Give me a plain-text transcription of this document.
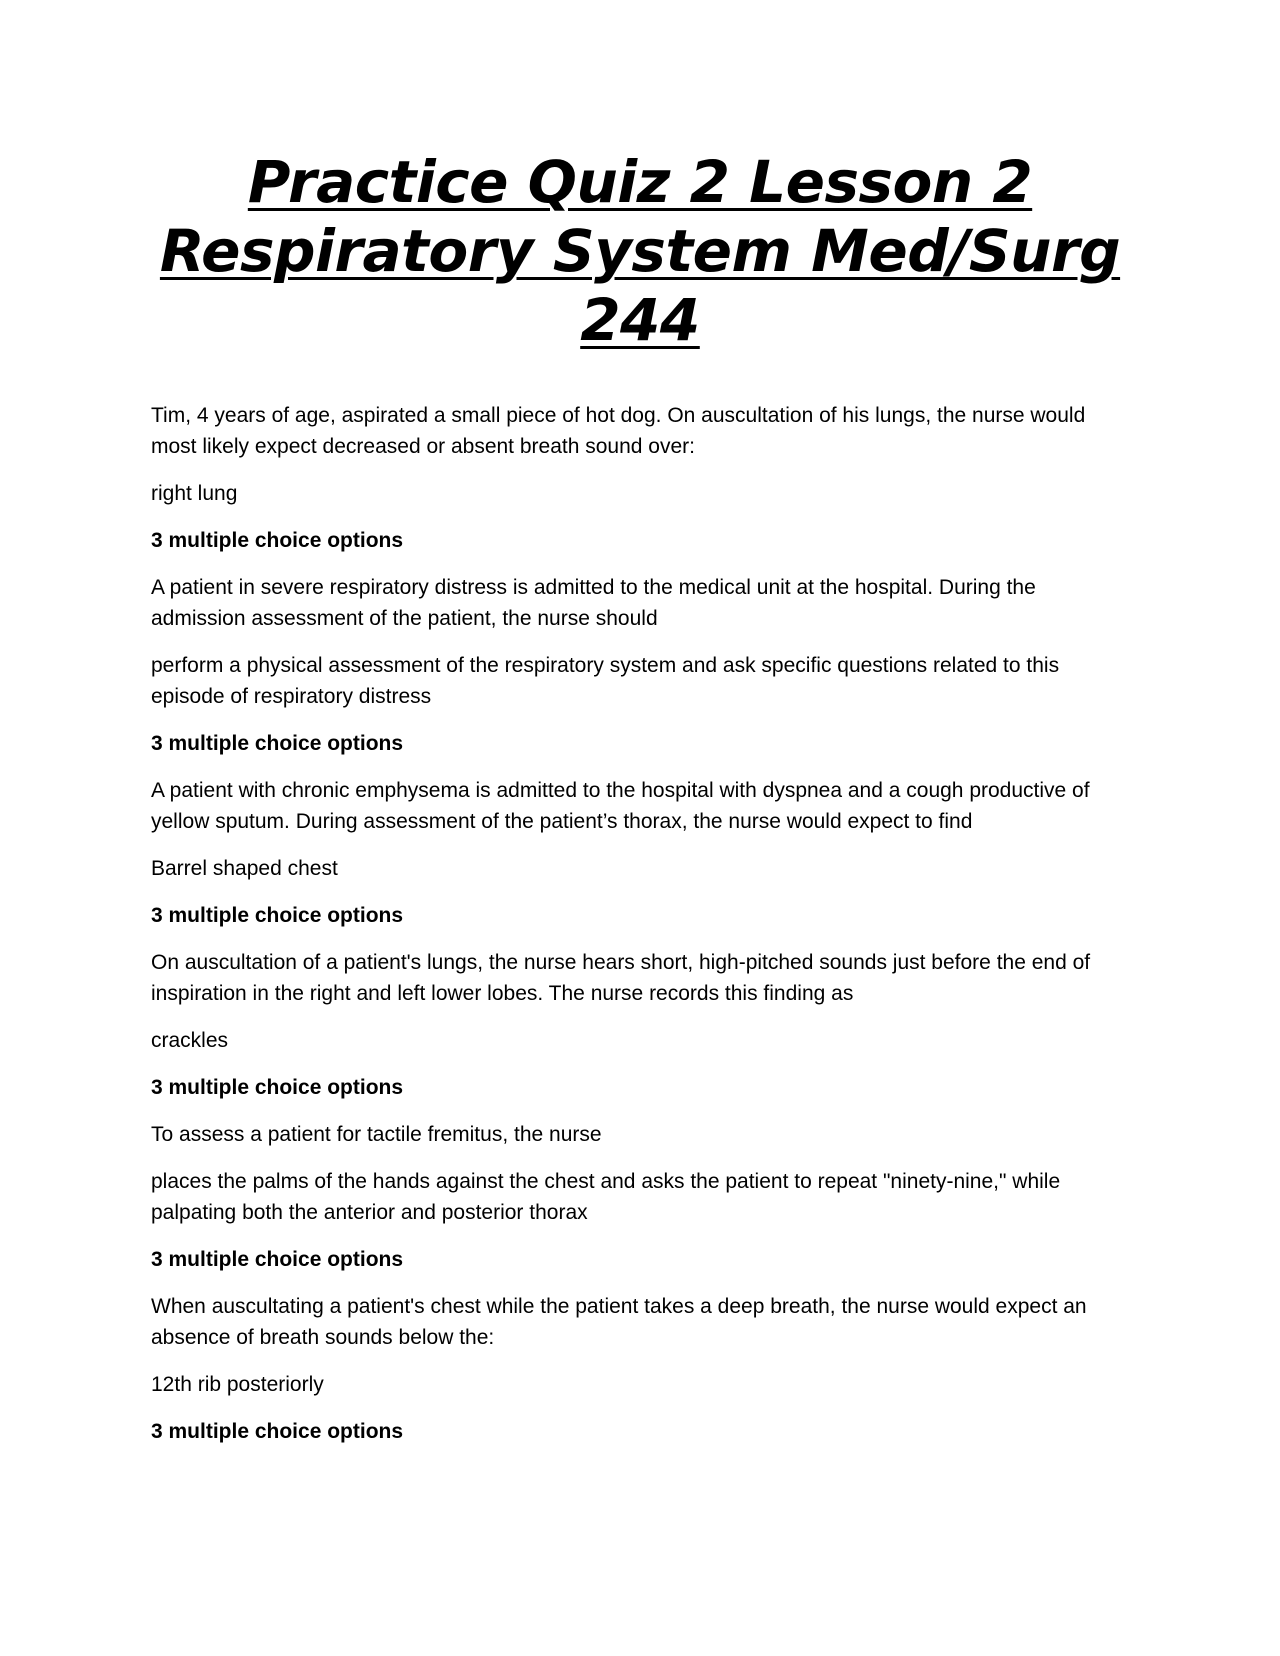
Practice Quiz 2 Lesson 2 Respiratory System Med/Surg 244

Tim, 4 years of age, aspirated a small piece of hot dog. On auscultation of his lungs, the nurse would most likely expect decreased or absent breath sound over:

right lung

3 multiple choice options

A patient in severe respiratory distress is admitted to the medical unit at the hospital. During the admission assessment of the patient, the nurse should

perform a physical assessment of the respiratory system and ask specific questions related to this episode of respiratory distress

3 multiple choice options

A patient with chronic emphysema is admitted to the hospital with dyspnea and a cough productive of yellow sputum. During assessment of the patient’s thorax, the nurse would expect to find

Barrel shaped chest

3 multiple choice options

On auscultation of a patient's lungs, the nurse hears short, high-pitched sounds just before the end of inspiration in the right and left lower lobes. The nurse records this finding as

crackles

3 multiple choice options

To assess a patient for tactile fremitus, the nurse

places the palms of the hands against the chest and asks the patient to repeat "ninety-nine," while palpating both the anterior and posterior thorax

3 multiple choice options

When auscultating a patient's chest while the patient takes a deep breath, the nurse would expect an absence of breath sounds below the:

12th rib posteriorly

3 multiple choice options
